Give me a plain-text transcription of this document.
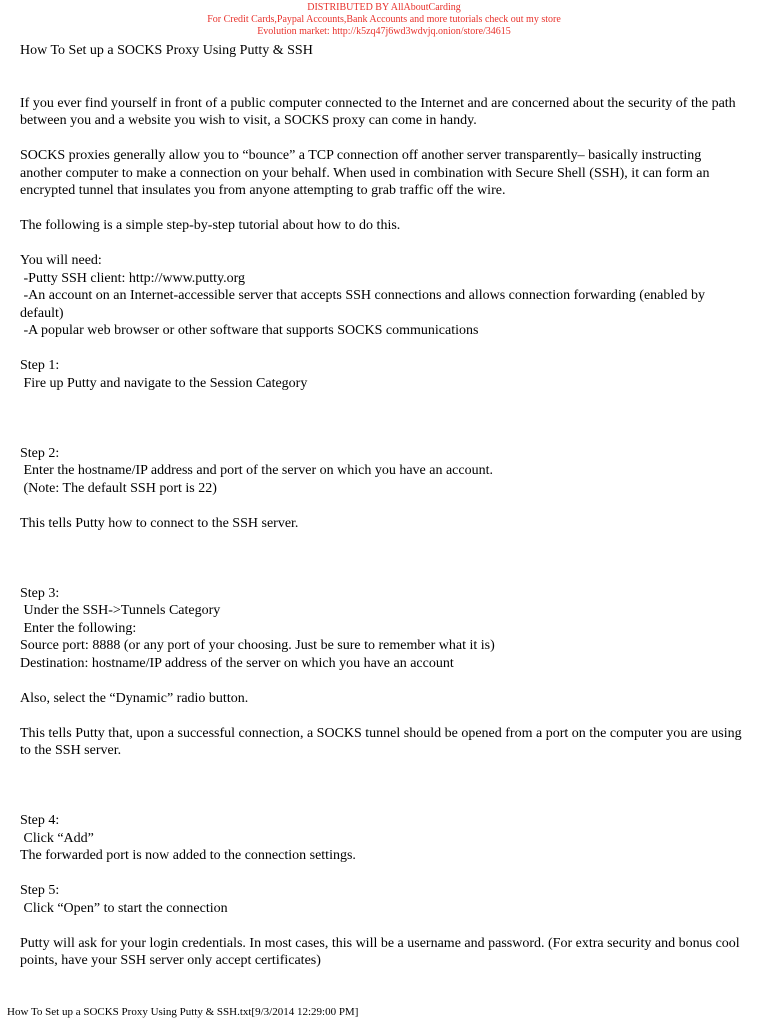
DISTRIBUTED BY AllAboutCarding
For Credit Cards,Paypal Accounts,Bank Accounts and more tutorials check out my store
Evolution market: http://k5zq47j6wd3wdvjq.onion/store/34615
How To Set up a SOCKS Proxy Using Putty & SSH
If you ever find yourself in front of a public computer connected to the Internet and are concerned about the security of the path between you and a website you wish to visit, a SOCKS proxy can come in handy.
SOCKS proxies generally allow you to “bounce” a TCP connection off another server transparently– basically instructing another computer to make a connection on your behalf. When used in combination with Secure Shell (SSH), it can form an encrypted tunnel that insulates you from anyone attempting to grab traffic off the wire.
The following is a simple step-by-step tutorial about how to do this.
You will need:
-Putty SSH client: http://www.putty.org
-An account on an Internet-accessible server that accepts SSH connections and allows connection forwarding (enabled by default)
-A popular web browser or other software that supports SOCKS communications
Step 1:
Fire up Putty and navigate to the Session Category
Step 2:
Enter the hostname/IP address and port of the server on which you have an account.
(Note: The default SSH port is 22)
This tells Putty how to connect to the SSH server.
Step 3:
Under the SSH->Tunnels Category
Enter the following:
Source port: 8888 (or any port of your choosing. Just be sure to remember what it is)
Destination: hostname/IP address of the server on which you have an account
Also, select the “Dynamic” radio button.
This tells Putty that, upon a successful connection, a SOCKS tunnel should be opened from a port on the computer you are using to the SSH server.
Step 4:
Click “Add”
The forwarded port is now added to the connection settings.
Step 5:
Click “Open” to start the connection
Putty will ask for your login credentials. In most cases, this will be a username and password. (For extra security and bonus cool points, have your SSH server only accept certificates)
How To Set up a SOCKS Proxy Using Putty & SSH.txt[9/3/2014 12:29:00 PM]
